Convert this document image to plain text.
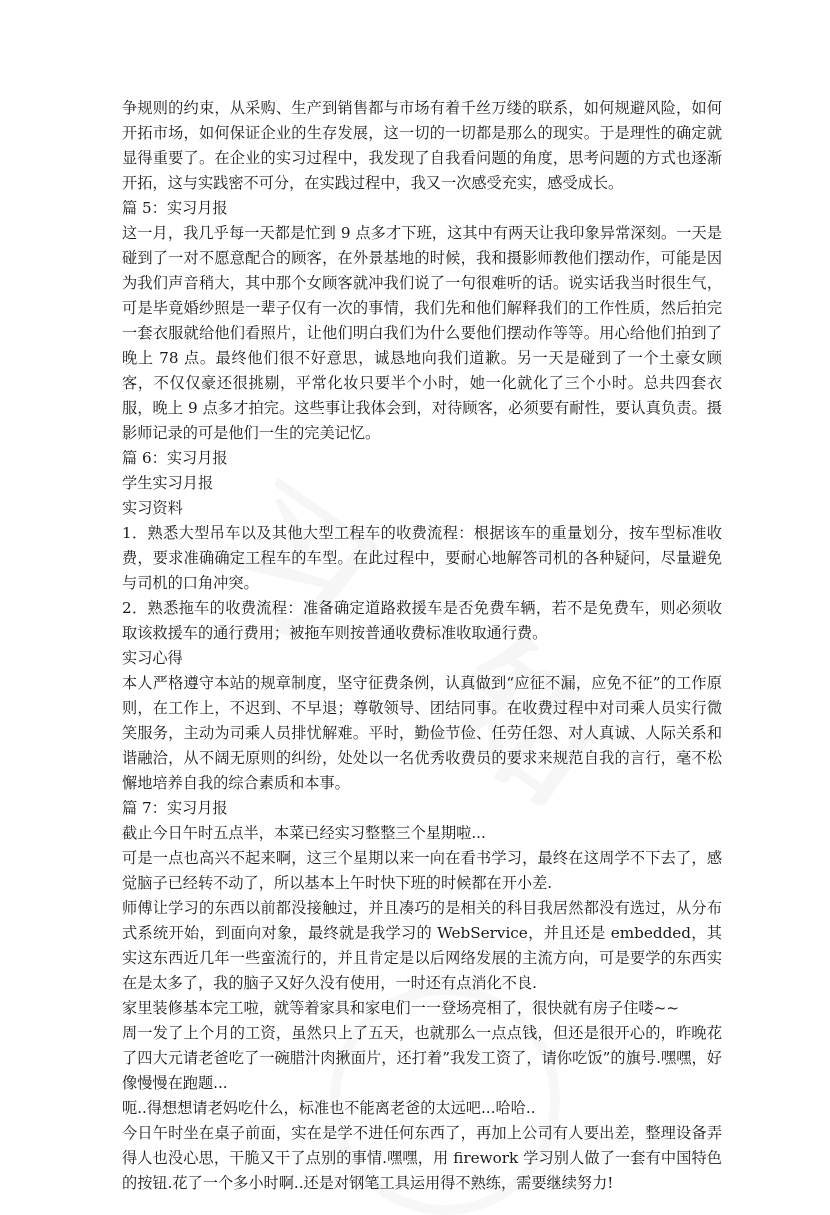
争规则的约束，从采购、生产到销售都与市场有着千丝万缕的联系，如何规避风险，如何开拓市场，如何保证企业的生存发展，这一切的一切都是那么的现实。于是理性的确定就显得重要了。在企业的实习过程中，我发现了自我看问题的角度，思考问题的方式也逐渐开拓，这与实践密不可分，在实践过程中，我又一次感受充实，感受成长。

篇 5：实习月报

这一月，我几乎每一天都是忙到 9 点多才下班，这其中有两天让我印象异常深刻。一天是碰到了一对不愿意配合的顾客，在外景基地的时候，我和摄影师教他们摆动作，可能是因为我们声音稍大，其中那个女顾客就冲我们说了一句很难听的话。说实话我当时很生气，可是毕竟婚纱照是一辈子仅有一次的事情，我们先和他们解释我们的工作性质，然后拍完一套衣服就给他们看照片，让他们明白我们为什么要他们摆动作等等。用心给他们拍到了晚上 78 点。最终他们很不好意思，诚恳地向我们道歉。另一天是碰到了一个土豪女顾客，不仅仅豪还很挑剔，平常化妆只要半个小时，她一化就化了三个小时。总共四套衣服，晚上 9 点多才拍完。这些事让我体会到，对待顾客，必须要有耐性，要认真负责。摄影师记录的可是他们一生的完美记忆。

篇 6：实习月报

学生实习月报

实习资料

1．熟悉大型吊车以及其他大型工程车的收费流程：根据该车的重量划分，按车型标准收费，要求准确确定工程车的车型。在此过程中，要耐心地解答司机的各种疑问，尽量避免与司机的口角冲突。

2．熟悉拖车的收费流程：准备确定道路救援车是否免费车辆，若不是免费车，则必须收取该救援车的通行费用；被拖车则按普通收费标准收取通行费。

实习心得

本人严格遵守本站的规章制度，坚守征费条例，认真做到“应征不漏，应免不征”的工作原则，在工作上，不迟到、不早退；尊敬领导、团结同事。在收费过程中对司乘人员实行微笑服务，主动为司乘人员排忧解难。平时，勤俭节俭、任劳任怨、对人真诚、人际关系和谐融洽，从不阔无原则的纠纷，处处以一名优秀收费员的要求来规范自我的言行，毫不松懈地培养自我的综合素质和本事。

篇 7：实习月报

截止今日午时五点半，本菜已经实习整整三个星期啦...

可是一点也高兴不起来啊，这三个星期以来一向在看书学习，最终在这周学不下去了，感觉脑子已经转不动了，所以基本上午时快下班的时候都在开小差.

师傅让学习的东西以前都没接触过，并且凑巧的是相关的科目我居然都没有选过，从分布式系统开始，到面向对象，最终就是我学习的 WebService，并且还是 embedded，其实这东西近几年一些蛮流行的，并且肯定是以后网络发展的主流方向，可是要学的东西实在是太多了，我的脑子又好久没有使用，一时还有点消化不良.

家里装修基本完工啦，就等着家具和家电们一一登场亮相了，很快就有房子住喽~~

周一发了上个月的工资，虽然只上了五天，也就那么一点点钱，但还是很开心的，昨晚花了四大元请老爸吃了一碗腊汁肉揪面片，还打着”我发工资了，请你吃饭”的旗号.嘿嘿，好像慢慢在跑题...

呃..得想想请老妈吃什么，标准也不能离老爸的太远吧...哈哈..

今日午时坐在桌子前面，实在是学不进任何东西了，再加上公司有人要出差，整理设备弄得人也没心思，干脆又干了点别的事情.嘿嘿，用 firework 学习别人做了一套有中国特色的按钮.花了一个多小时啊..还是对钢笔工具运用得不熟练，需要继续努力!
